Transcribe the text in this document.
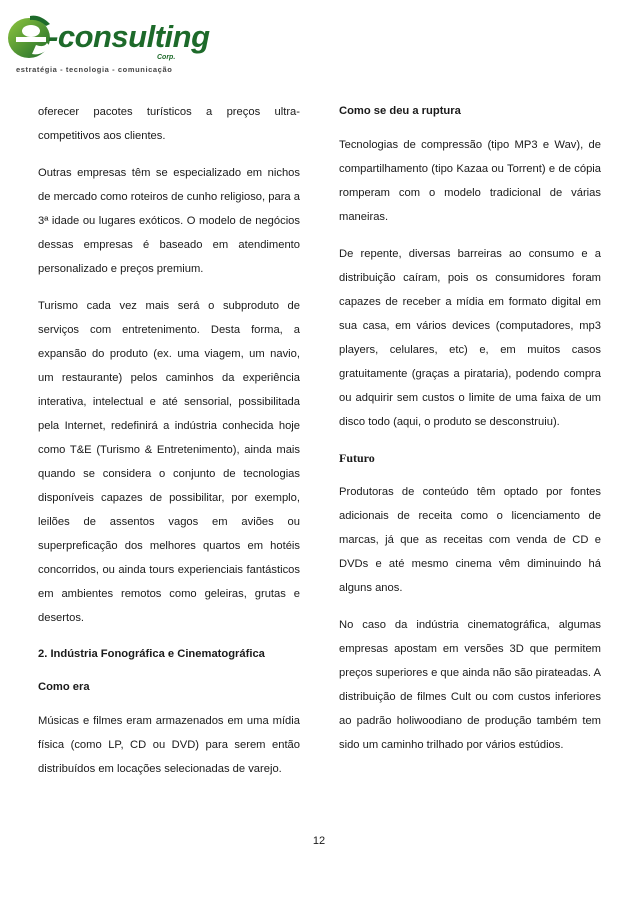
-consulting
Corp.
estratégia - tecnologia - comunicação

oferecer pacotes turísticos a preços ultra-competitivos aos clientes.

Outras empresas têm se especializado em nichos de mercado como roteiros de cunho religioso, para a 3ª idade ou lugares exóticos. O modelo de negócios dessas empresas é baseado em atendimento personalizado e preços premium.

Turismo cada vez mais será o subproduto de serviços com entretenimento. Desta forma, a expansão do produto (ex. uma viagem, um navio, um restaurante) pelos caminhos da experiência interativa, intelectual e até sensorial, possibilitada pela Internet, redefinirá a indústria conhecida hoje como T&E (Turismo & Entretenimento), ainda mais quando se considera o conjunto de tecnologias disponíveis capazes de possibilitar, por exemplo, leilões de assentos vagos em aviões ou superpreficação dos melhores quartos em hotéis concorridos, ou ainda tours experienciais fantásticos em ambientes remotos como geleiras, grutas e desertos.

2. Indústria Fonográfica e Cinematográfica
Como era

Músicas e filmes eram armazenados em uma mídia física (como LP, CD ou DVD) para serem então distribuídos em locações selecionadas de varejo.

Como se deu a ruptura

Tecnologias de compressão (tipo MP3 e Wav), de compartilhamento (tipo Kazaa ou Torrent) e de cópia romperam com o modelo tradicional de várias maneiras.

De repente, diversas barreiras ao consumo e a distribuição caíram, pois os consumidores foram capazes de receber a mídia em formato digital em sua casa, em vários devices (computadores, mp3 players, celulares, etc) e, em muitos casos gratuitamente (graças a pirataria), podendo compra ou adquirir sem custos o limite de uma faixa de um disco todo (aqui, o produto se desconstruiu).

Futuro

Produtoras de conteúdo têm optado por fontes adicionais de receita como o licenciamento de marcas, já que as receitas com venda de CD e DVDs e até mesmo cinema vêm diminuindo há alguns anos.

No caso da indústria cinematográfica, algumas empresas apostam em versões 3D que permitem preços superiores e que ainda não são pirateadas. A distribuição de filmes Cult ou com custos inferiores ao padrão holiwoodiano de produção também tem sido um caminho trilhado por vários estúdios.

12
